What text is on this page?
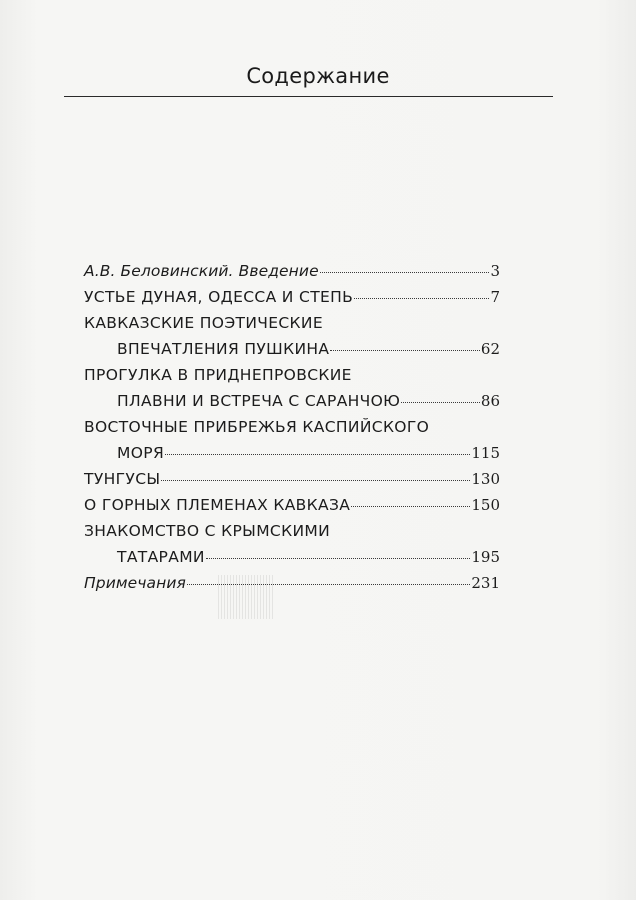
Содержание
А.В. Беловинский. Введение	3
УСТЬЕ ДУНАЯ, ОДЕССА И СТЕПЬ	7
КАВКАЗСКИЕ ПОЭТИЧЕСКИЕ
ВПЕЧАТЛЕНИЯ ПУШКИНА	62
ПРОГУЛКА В ПРИДНЕПРОВСКИЕ
ПЛАВНИ И ВСТРЕЧА С САРАНЧОЮ	86
ВОСТОЧНЫЕ ПРИБРЕЖЬЯ КАСПИЙСКОГО
МОРЯ	115
ТУНГУСЫ	130
О ГОРНЫХ ПЛЕМЕНАХ КАВКАЗА	150
ЗНАКОМСТВО С КРЫМСКИМИ
ТАТАРАМИ	195
Примечания	231
